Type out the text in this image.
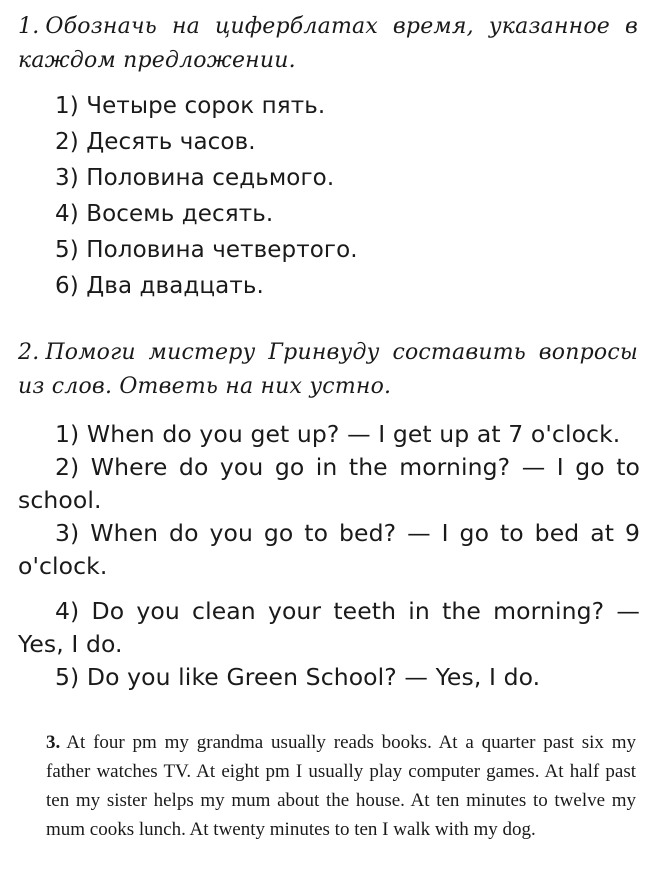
1. Обозначь на циферблатах время, указанное в каждом предложении.
1) Четыре сорок пять.
2) Десять часов.
3) Половина седьмого.
4) Восемь десять.
5) Половина четвертого.
6) Два двадцать.
2. Помоги мистеру Гринвуду составить вопросы из слов. Ответь на них устно.
1) When do you get up? — I get up at 7 o'clock.
2) Where do you go in the morning? — I go to school.
3) When do you go to bed? — I go to bed at 9 o'clock.
4) Do you clean your teeth in the morning? — Yes, I do.
5) Do you like Green School? — Yes, I do.
3. At four pm my grandma usually reads books. At a quarter past six my father watches TV. At eight pm I usually play computer games. At half past ten my sister helps my mum about the house. At ten minutes to twelve my mum cooks lunch. At twenty minutes to ten I walk with my dog.
